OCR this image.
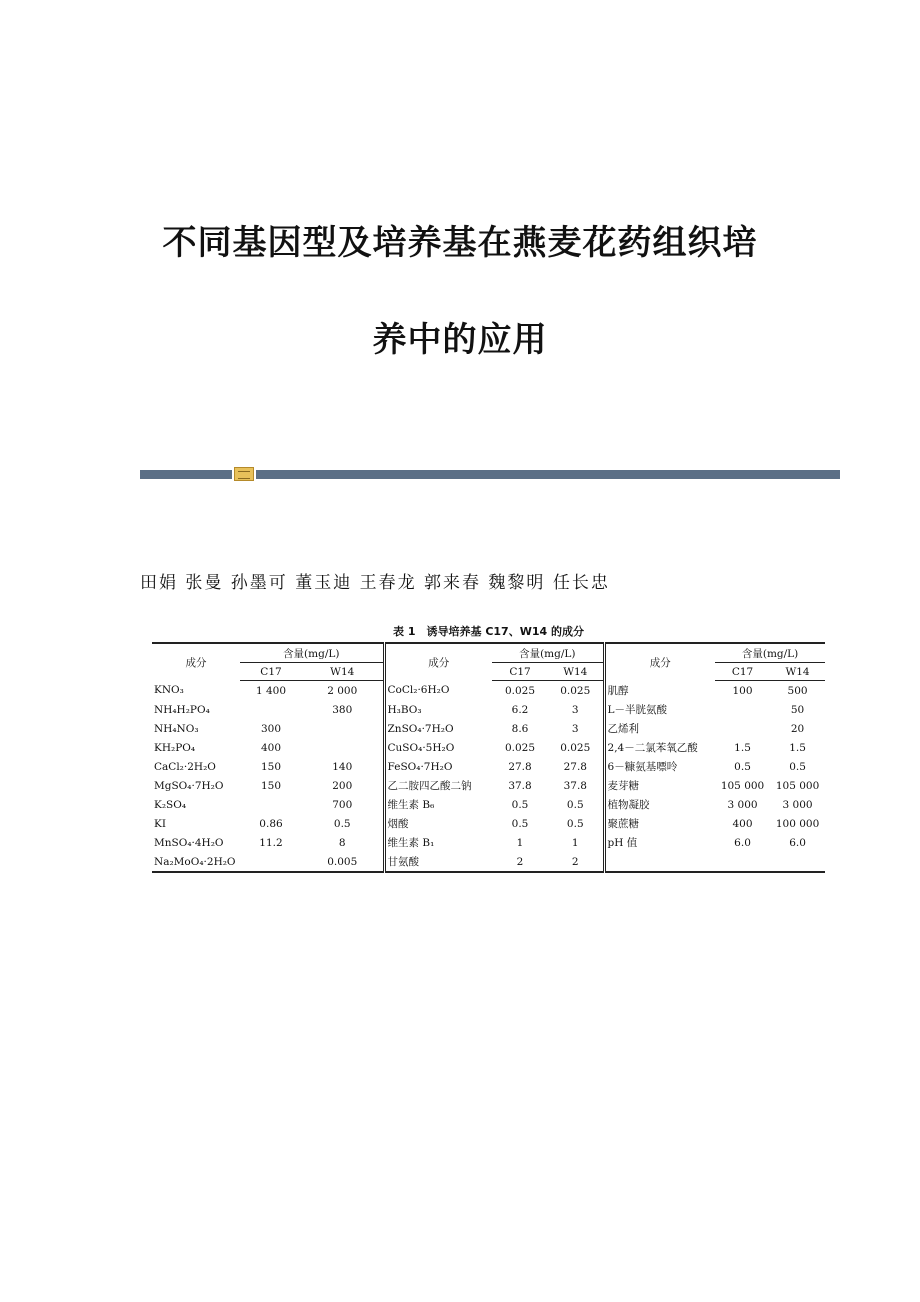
不同基因型及培养基在燕麦花药组织培
养中的应用
田娟 张曼 孙墨可 董玉迪 王春龙 郭来春 魏黎明 任长忠
表 1　诱导培养基 C17、W14 的成分
成分	含量(mg/L)		成分	含量(mg/L)		成分	含量(mg/L)	
	C17	W14		C17	W14		C17	W14
KNO₃	1 400	2 000	CoCl₂·6H₂O	0.025	0.025	肌醇	100	500
NH₄H₂PO₄		380	H₃BO₃	6.2	3	L－半胱氨酸		50
NH₄NO₃	300		ZnSO₄·7H₂O	8.6	3	乙烯利		20
KH₂PO₄	400		CuSO₄·5H₂O	0.025	0.025	2,4－二氯苯氧乙酸	1.5	1.5
CaCl₂·2H₂O	150	140	FeSO₄·7H₂O	27.8	27.8	6－糠氨基嘌呤	0.5	0.5
MgSO₄·7H₂O	150	200	乙二胺四乙酸二钠	37.8	37.8	麦芽糖	105 000	105 000
K₂SO₄		700	维生素 B₆	0.5	0.5	植物凝胶	3 000	3 000
KI	0.86	0.5	烟酸	0.5	0.5	聚蔗糖	400	100 000
MnSO₄·4H₂O	11.2	8	维生素 B₁	1	1	pH 值	6.0	6.0
Na₂MoO₄·2H₂O		0.005	甘氨酸	2	2			
